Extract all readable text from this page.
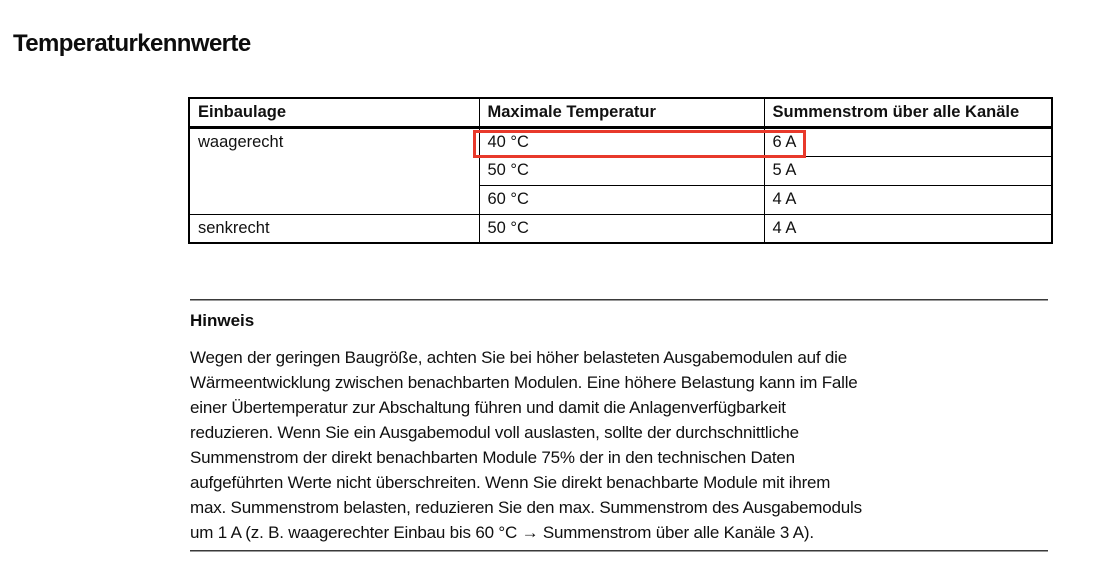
Temperaturkennwerte
Einbaulage	Maximale Temperatur	Summenstrom über alle Kanäle
waagerecht	40 °C	6 A
	50 °C	5 A
	60 °C	4 A
senkrecht	50 °C	4 A
Hinweis
Wegen der geringen Baugröße, achten Sie bei höher belasteten Ausgabemodulen auf die
Wärmeentwicklung zwischen benachbarten Modulen. Eine höhere Belastung kann im Falle
einer Übertemperatur zur Abschaltung führen und damit die Anlagenverfügbarkeit
reduzieren. Wenn Sie ein Ausgabemodul voll auslasten, sollte der durchschnittliche
Summenstrom der direkt benachbarten Module 75% der in den technischen Daten
aufgeführten Werte nicht überschreiten. Wenn Sie direkt benachbarte Module mit ihrem
max. Summenstrom belasten, reduzieren Sie den max. Summenstrom des Ausgabemoduls
um 1 A (z. B. waagerechter Einbau bis 60 °C → Summenstrom über alle Kanäle 3 A).
